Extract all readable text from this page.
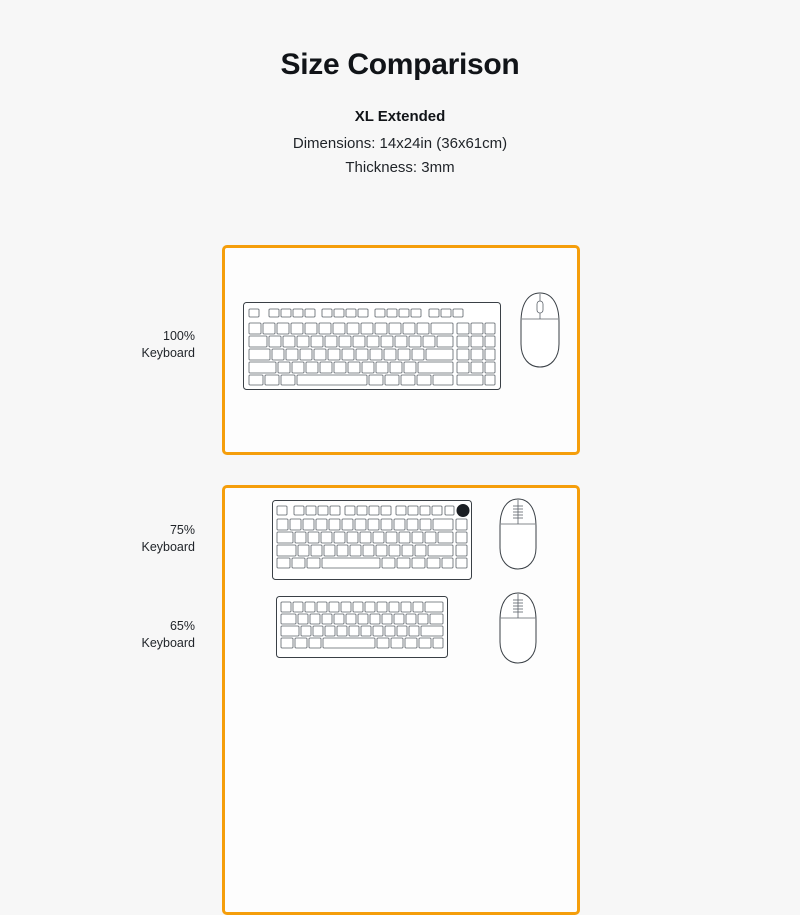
Size Comparison
XL Extended
Dimensions: 14x24in (36x61cm)
Thickness: 3mm
100%
Keyboard
75%
Keyboard
65%
Keyboard
